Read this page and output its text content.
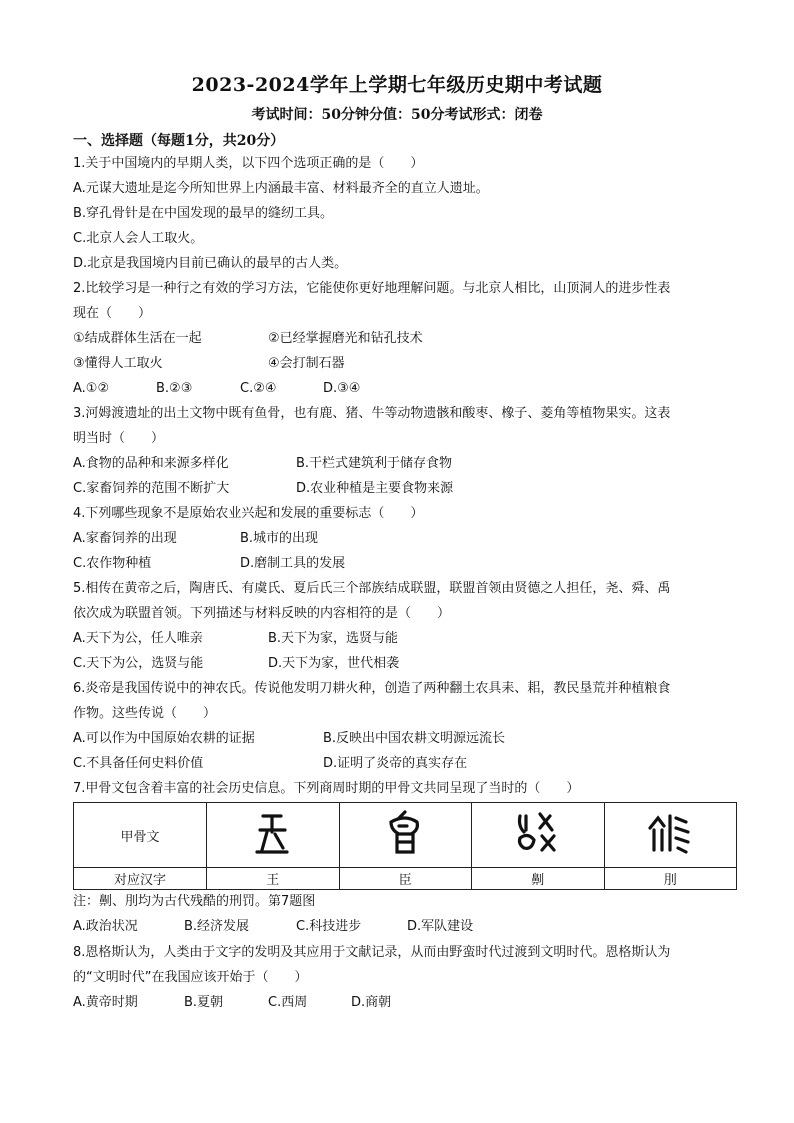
2023-2024学年上学期七年级历史期中考试题
考试时间：50分钟分值：50分考试形式：闭卷
一、选择题（每题1分，共20分）
1.关于中国境内的早期人类，以下四个选项正确的是（　　）
A.元谋大遗址是迄今所知世界上内涵最丰富、材料最齐全的直立人遗址。
B.穿孔骨针是在中国发现的最早的缝纫工具。
C.北京人会人工取火。
D.北京是我国境内目前已确认的最早的古人类。
2.比较学习是一种行之有效的学习方法，它能使你更好地理解问题。与北京人相比，山顶洞人的进步性表
现在（　　）
①结成群体生活在一起	②已经掌握磨光和钻孔技术
③懂得人工取火	④会打制石器
A.①②	B.②③	C.②④	D.③④
3.河姆渡遗址的出土文物中既有鱼骨，也有鹿、猪、牛等动物遗骸和酸枣、橡子、菱角等植物果实。这表
明当时（　　）
A.食物的品种和来源多样化	B.干栏式建筑利于储存食物
C.家畜饲养的范围不断扩大	D.农业种植是主要食物来源
4.下列哪些现象不是原始农业兴起和发展的重要标志（　　）
A.家畜饲养的出现	B.城市的出现
C.农作物种植	D.磨制工具的发展
5.相传在黄帝之后，陶唐氏、有虞氏、夏后氏三个部族结成联盟，联盟首领由贤德之人担任，尧、舜、禹
依次成为联盟首领。下列描述与材料反映的内容相符的是（　　）
A.天下为公，任人唯亲	B.天下为家，选贤与能
C.天下为公，选贤与能	D.天下为家，世代相袭
6.炎帝是我国传说中的神农氏。传说他发明刀耕火种，创造了两种翻土农具耒、耜，教民垦荒并种植粮食
作物。这些传说（　　）
A.可以作为中国原始农耕的证据	B.反映出中国农耕文明源远流长
C.不具备任何史料价值	D.证明了炎帝的真实存在
7.甲骨文包含着丰富的社会历史信息。下列商周时期的甲骨文共同呈现了当时的（　　）
甲骨文				
对应汉字	王	臣	劓	刖
注：劓、刖均为古代残酷的刑罚。第7题图
A.政治状况	B.经济发展	C.科技进步	D.军队建设
8.恩格斯认为，人类由于文字的发明及其应用于文献记录，从而由野蛮时代过渡到文明时代。恩格斯认为
的“文明时代”在我国应该开始于（　　）
A.黄帝时期	B.夏朝	C.西周	D.商朝
